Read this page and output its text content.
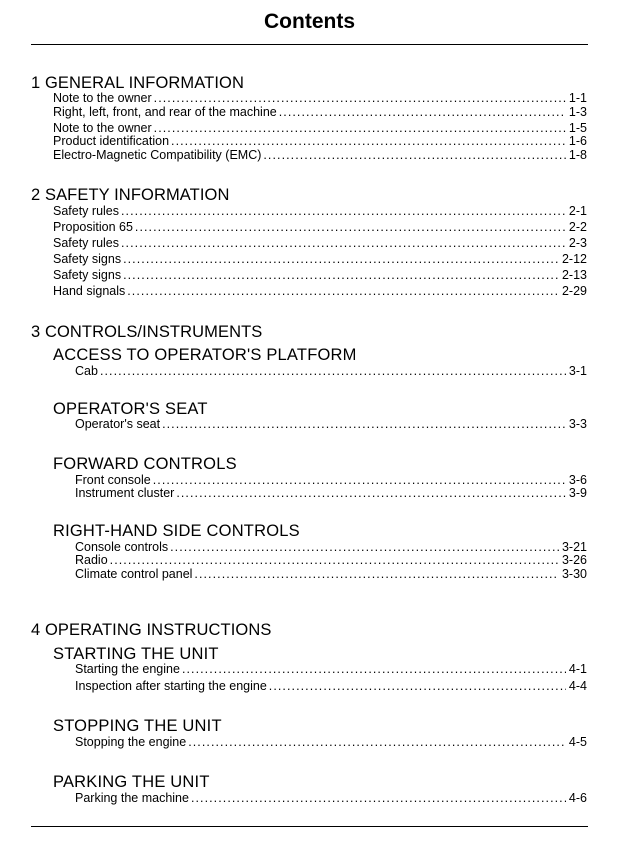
Contents
1 GENERAL INFORMATION
Note to the owner . . .	1-1
Right, left, front, and rear of the machine . . .	1-3
Note to the owner . . .	1-5
Product identification . . .	1-6
Electro-Magnetic Compatibility (EMC) . . .	1-8
2 SAFETY INFORMATION
Safety rules . . .	2-1
Proposition 65 . . .	2-2
Safety rules . . .	2-3
Safety signs . . .	2-12
Safety signs . . .	2-13
Hand signals . . .	2-29
3 CONTROLS/INSTRUMENTS
ACCESS TO OPERATOR'S PLATFORM
Cab . . .	3-1
OPERATOR'S SEAT
Operator's seat . . .	3-3
FORWARD CONTROLS
Front console . . .	3-6
Instrument cluster . . .	3-9
RIGHT-HAND SIDE CONTROLS
Console controls . . .	3-21
Radio . . .	3-26
Climate control panel . . .	3-30
4 OPERATING INSTRUCTIONS
STARTING THE UNIT
Starting the engine . . .	4-1
Inspection after starting the engine . . .	4-4
STOPPING THE UNIT
Stopping the engine . . .	4-5
PARKING THE UNIT
Parking the machine . . .	4-6
